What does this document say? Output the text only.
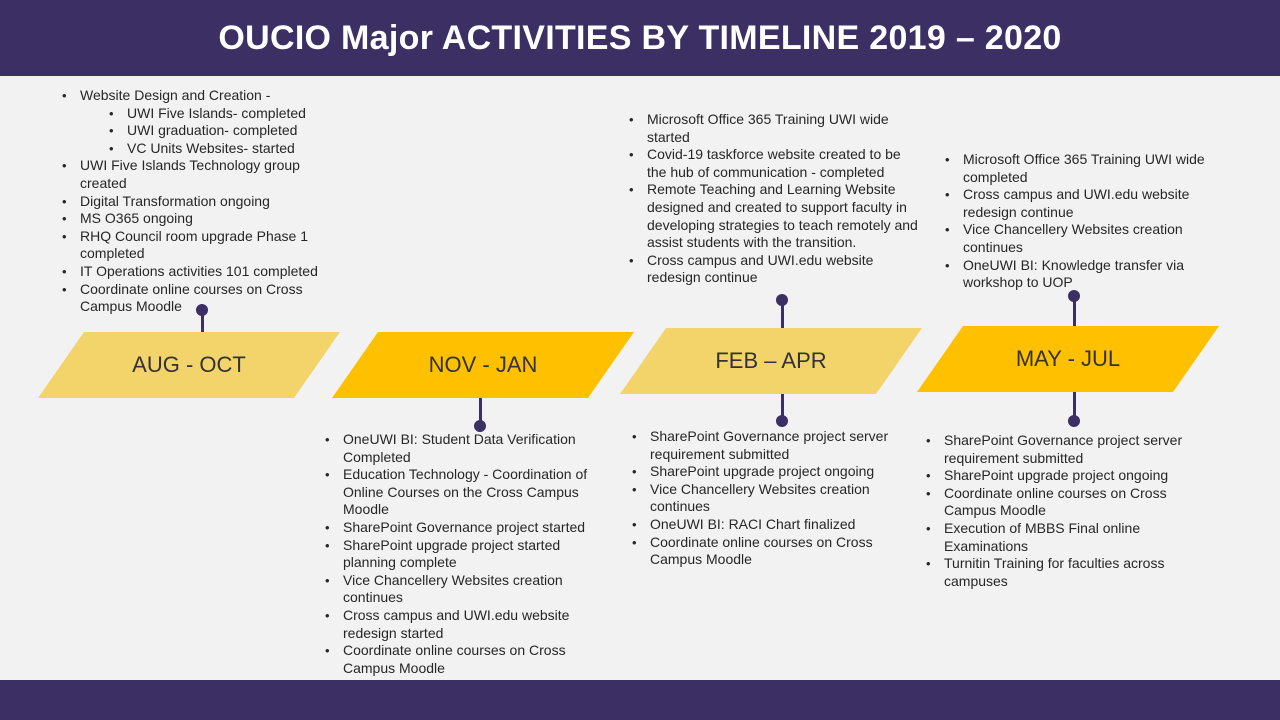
OUCIO Major ACTIVITIES BY TIMELINE 2019 – 2020
AUG - OCT	NOV - JAN	FEB – APR	MAY - JUL
• Website Design and Creation -
• UWI Five Islands- completed
• UWI graduation- completed
• VC Units Websites- started
• UWI Five Islands Technology group created
• Digital Transformation ongoing
• MS O365 ongoing
• RHQ Council room upgrade Phase 1 completed
• IT Operations activities 101 completed
• Coordinate online courses on Cross Campus Moodle
• OneUWI BI: Student Data Verification Completed
• Education Technology - Coordination of Online Courses on the Cross Campus Moodle
• SharePoint Governance project started
• SharePoint upgrade project started planning complete
• Vice Chancellery Websites creation continues
• Cross campus and UWI.edu website redesign started
• Coordinate online courses on Cross Campus Moodle
• Microsoft Office 365 Training UWI wide started
• Covid-19 taskforce website created to be the hub of communication - completed
• Remote Teaching and Learning Website designed and created to support faculty in developing strategies to teach remotely and assist students with the transition.
• Cross campus and UWI.edu website redesign continue
• SharePoint Governance project server requirement submitted
• SharePoint upgrade project ongoing
• Vice Chancellery Websites creation continues
• OneUWI BI: RACI Chart finalized
• Coordinate online courses on Cross Campus Moodle
• Microsoft Office 365 Training UWI wide completed
• Cross campus and UWI.edu website redesign continue
• Vice Chancellery Websites creation continues
• OneUWI BI: Knowledge transfer via workshop to UOP
• SharePoint Governance project server requirement submitted
• SharePoint upgrade project ongoing
• Coordinate online courses on Cross Campus Moodle
• Execution of MBBS Final online Examinations
• Turnitin Training for faculties across campuses
